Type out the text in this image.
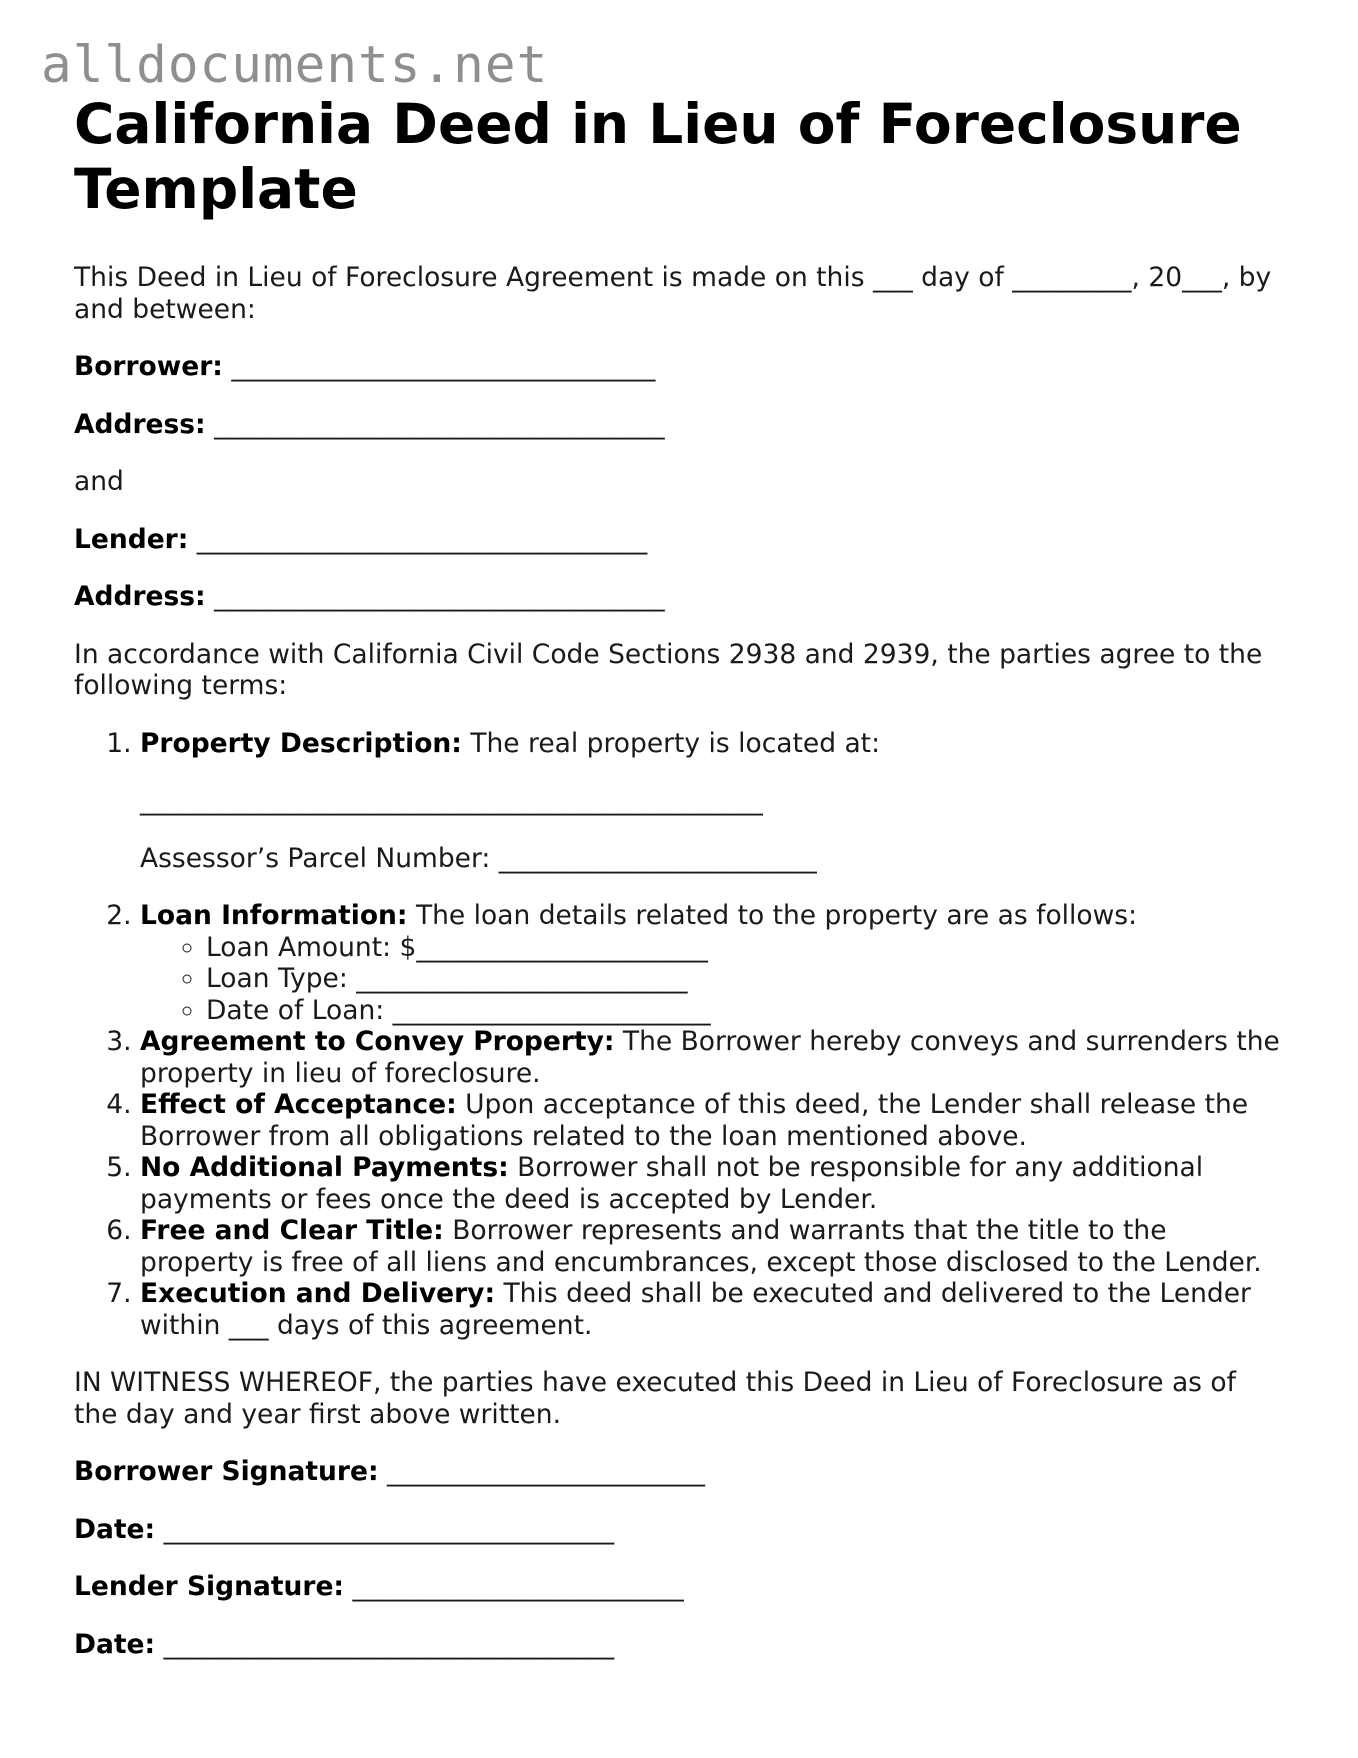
alldocuments.net
California Deed in Lieu of Foreclosure Template

This Deed in Lieu of Foreclosure Agreement is made on this ___ day of _________, 20___, by and between:

Borrower: ________________________________

Address: __________________________________

and

Lender: __________________________________

Address: __________________________________

In accordance with California Civil Code Sections 2938 and 2939, the parties agree to the following terms:

1. Property Description: The real property is located at:

_______________________________________________

Assessor’s Parcel Number: ________________________

2. Loan Information: The loan details related to the property are as follows:
◦ Loan Amount: $______________________
◦ Loan Type: _________________________
◦ Date of Loan: ________________________
3. Agreement to Convey Property: The Borrower hereby conveys and surrenders the property in lieu of foreclosure.
4. Effect of Acceptance: Upon acceptance of this deed, the Lender shall release the Borrower from all obligations related to the loan mentioned above.
5. No Additional Payments: Borrower shall not be responsible for any additional payments or fees once the deed is accepted by Lender.
6. Free and Clear Title: Borrower represents and warrants that the title to the property is free of all liens and encumbrances, except those disclosed to the Lender.
7. Execution and Delivery: This deed shall be executed and delivered to the Lender within ___ days of this agreement.

IN WITNESS WHEREOF, the parties have executed this Deed in Lieu of Foreclosure as of the day and year first above written.

Borrower Signature: ________________________

Date: __________________________________

Lender Signature: _________________________

Date: __________________________________
